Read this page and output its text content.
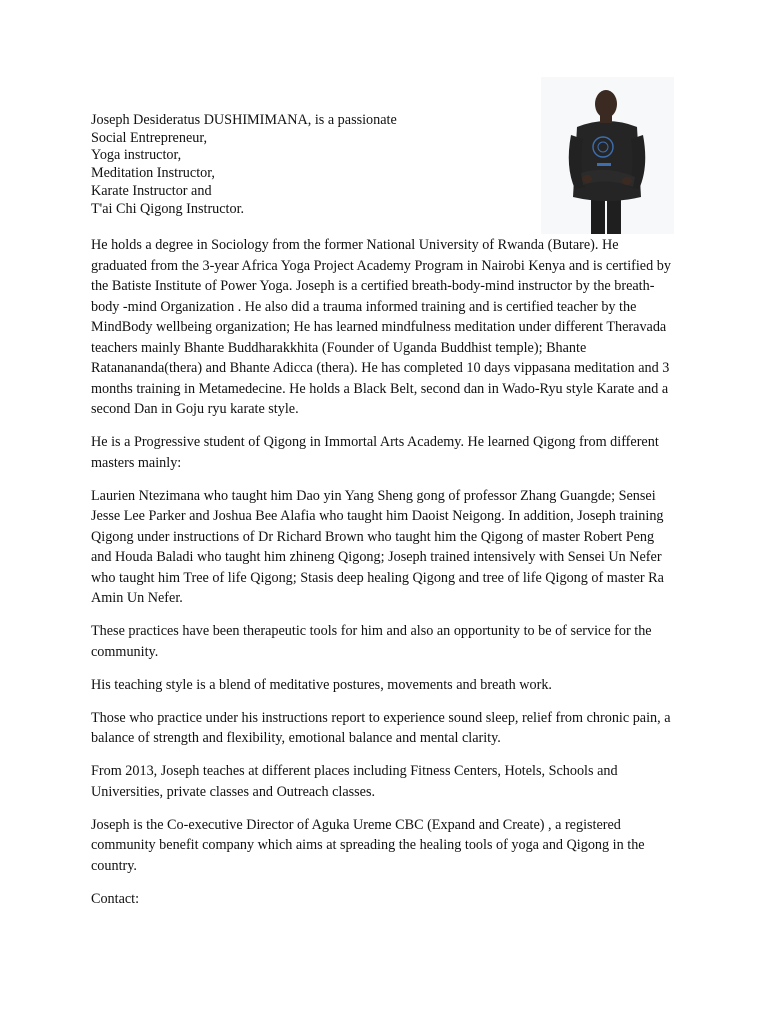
Joseph Desideratus DUSHIMIMANA, is a passionate
Social Entrepreneur,
Yoga instructor,
Meditation Instructor,
Karate Instructor and
T'ai Chi Qigong Instructor.

He holds a degree in Sociology from the former National University of Rwanda (Butare). He graduated from the 3-year Africa Yoga Project Academy Program in Nairobi Kenya and is certified by the Batiste Institute of Power Yoga. Joseph is a certified breath-body-mind instructor by the breath-body -mind Organization . He also did a trauma informed training and is certified teacher by the MindBody wellbeing organization; He has learned mindfulness meditation under different Theravada teachers mainly Bhante Buddharakkhita (Founder of Uganda Buddhist temple); Bhante Ratanananda(thera) and Bhante Adicca (thera). He has completed 10 days vippasana meditation and 3 months training in Metamedecine. He holds a Black Belt, second dan in Wado-Ryu style Karate and a second Dan in Goju ryu karate style.

He is a Progressive student of Qigong in Immortal Arts Academy. He learned Qigong from different masters mainly:

Laurien Ntezimana who taught him Dao yin Yang Sheng gong of professor Zhang Guangde; Sensei Jesse Lee Parker and Joshua Bee Alafia who taught him Daoist Neigong. In addition, Joseph training Qigong under instructions of Dr Richard Brown who taught him the Qigong of master Robert Peng and Houda Baladi who taught him zhineng Qigong; Joseph trained intensively with Sensei Un Nefer who taught him Tree of life Qigong; Stasis deep healing Qigong and tree of life Qigong of master Ra Amin Un Nefer.

These practices have been therapeutic tools for him and also an opportunity to be of service for the community.

His teaching style is a blend of meditative postures, movements and breath work.

Those who practice under his instructions report to experience sound sleep, relief from chronic pain, a balance of strength and flexibility, emotional balance and mental clarity.

From 2013, Joseph teaches at different places including Fitness Centers, Hotels, Schools and Universities, private classes and Outreach classes.

Joseph is the Co-executive Director of Aguka Ureme CBC (Expand and Create) , a registered community benefit company which aims at spreading the healing tools of yoga and Qigong in the country.

Contact:
